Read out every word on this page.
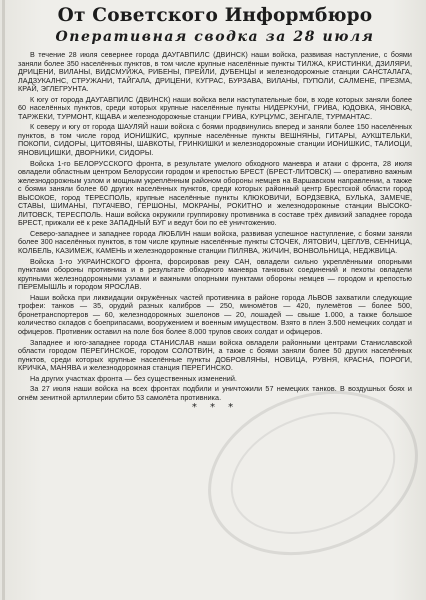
От Советского Информбюро
Оперативная сводка за 28 июля

В течение 28 июля севернее города ДАУГАВПИЛС (ДВИНСК) наши войска, развивая наступление, с боями заняли более 350 населённых пунктов, в том числе крупные населённые пункты ТИЛЖА, КРИСТИНКИ, ДЗИЛЯРИ, ДРИЦЕНИ, ВИЛАНЫ, ВИДСМУЙЖА, РИБЕНЫ, ПРЕЙЛИ, ДУБЕНЦЫ и железнодорожные станции САНСТАЛАГА, ЛАДЗУКАЛНС, СТРУЖАНИ, ТАЙГАЛА, ДРИЦЕНИ, КУГРАС, БУРЗАВА, ВИЛАНЫ, ПУПОЛИ, САЛМЕНЕ, ПРЕЗМА, КРАЙ, ЭГЛЕГРУНТА.

К югу от города ДАУГАВПИЛС (ДВИНСК) наши войска вели наступательные бои, в ходе которых заняли более 60 населённых пунктов, среди которых крупные населённые пункты НИДЕРКУНИ, ГРИВА, ЮДОВКА, ЯНОВКА, ТАРЖЕКИ, ТУРМОНТ, КЩАВА и железнодорожные станции ГРИВА, КУРЦУМС, ЗЕНГАЛЕ, ТУРМАНТАС.

К северу и югу от города ШАУЛЯЙ наши войска с боями продвинулись вперед и заняли более 150 населённых пунктов, в том числе город ИОНИШКИС, крупные населённые пункты ВЕШНЯНЫ, ГИТАРЫ, АУКШТЕЛЬКИ, ПОКОПИ, СИДОРЫ, ЦИТОВЯНЫ, ШАВКОТЫ, ГРИНКИШКИ и железнодорожные станции ИОНИШКИС, ТАЛИОЦИ, ЯНОВИЦИШКИ, ДВОРНИКИ, СИДОРЫ.

Войска 1-го БЕЛОРУССКОГО фронта, в результате умелого обходного маневра и атаки с фронта, 28 июля овладели областным центром Белоруссии городом и крепостью БРЕСТ (БРЕСТ-ЛИТОВСК) — оперативно важным железнодорожным узлом и мощным укреплённым районом обороны немцев на Варшавском направлении, а также с боями заняли более 60 других населённых пунктов, среди которых районный центр Брестской области город ВЫСОКОЕ, город ТЕРЕСПОЛЬ, крупные населённые пункты КЛЮКОВИЧИ, БОРДЗЕВКА, БУЛЬКА, ЗАМЕЧЕ, СТАВЫ, ШИМАНЫ, ПУГАЧЕВО, ГЕРШОНЫ, МОКРАНЫ, РОКИТНО и железнодорожные станции ВЫСОКО-ЛИТОВСК, ТЕРЕСПОЛЬ. Наши войска окружили группировку противника в составе трёх дивизий западнее города БРЕСТ, прижали её к реке ЗАПАДНЫЙ БУГ и ведут бои по её уничтожению.

Северо-западнее и западнее города ЛЮБЛИН наши войска, развивая успешное наступление, с боями заняли более 300 населённых пунктов, в том числе крупные населённые пункты СТОЧЕК, ЛЯТОВИЧ, ЦЕГЛУВ, СЕННИЦА, КОЛБЕЛЬ, КАЗИМЕЖ, КАМЕНЬ и железнодорожные станции ПИЛЯВА, ЖИЧИН, ВОНВОЛЬНИЦА, НЕДЖВИЦА.

Войска 1-го УКРАИНСКОГО фронта, форсировав реку САН, овладели сильно укреплёнными опорными пунктами обороны противника и в результате обходного маневра танковых соединений и пехоты овладели крупными железнодорожными узлами и важными опорными пунктами обороны немцев — городом и крепостью ПЕРЕМЫШЛЬ и городом ЯРОСЛАВ.

Наши войска при ликвидации окружённых частей противника в районе города ЛЬВОВ захватили следующие трофеи: танков — 35, орудий разных калибров — 250, миномётов — 420, пулемётов — более 500, бронетранспортеров — 60, железнодорожных эшелонов — 20, лошадей — свыше 1.000, а также большое количество складов с боеприпасами, вооружением и военным имуществом. Взято в плен 3.500 немецких солдат и офицеров. Противник оставил на поле боя более 8.000 трупов своих солдат и офицеров.

Западнее и юго-западнее города СТАНИСЛАВ наши войска овладели районными центрами Станиславской области городом ПЕРЕГИНСКОЕ, городом СОЛОТВИН, а также с боями заняли более 50 других населённых пунктов, среди которых крупные населённые пункты ДОБРОВЛЯНЫ, НОВИЦА, РУВНЯ, КРАСНА, ПОРОГИ, КРИЧКА, МАНЯВА и железнодорожная станция ПЕРЕГИНСКО.

На других участках фронта — без существенных изменений.

За 27 июля наши войска на всех фронтах подбили и уничтожили 57 немецких танков. В воздушных боях и огнём зенитной артиллерии сбито 53 самолёта противника.

* * *
